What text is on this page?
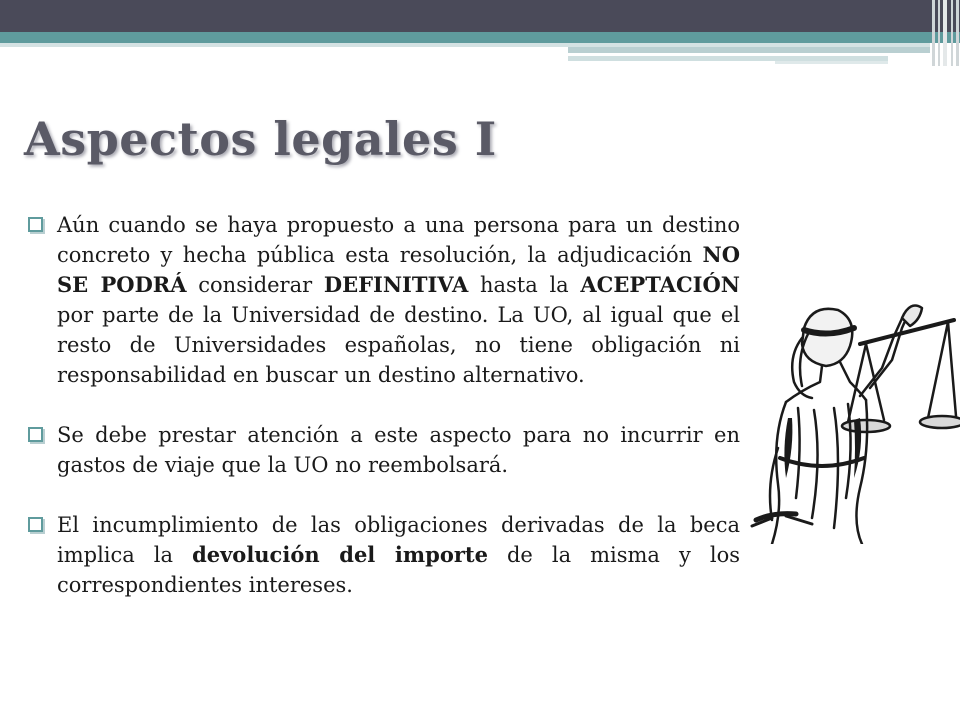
Aspectos legales I
Aún cuando se haya propuesto a una persona para un destino concreto y hecha pública esta resolución, la adjudicación NO SE PODRÁ considerar DEFINITIVA hasta la ACEPTACIÓN por parte de la Universidad de destino. La UO, al igual que el resto de Universidades españolas, no tiene obligación ni responsabilidad en buscar un destino alternativo.
Se debe prestar atención a este aspecto para no incurrir en gastos de viaje que la UO no reembolsará.
El incumplimiento de las obligaciones derivadas de la beca implica la devolución del importe de la misma y los correspondientes intereses.
